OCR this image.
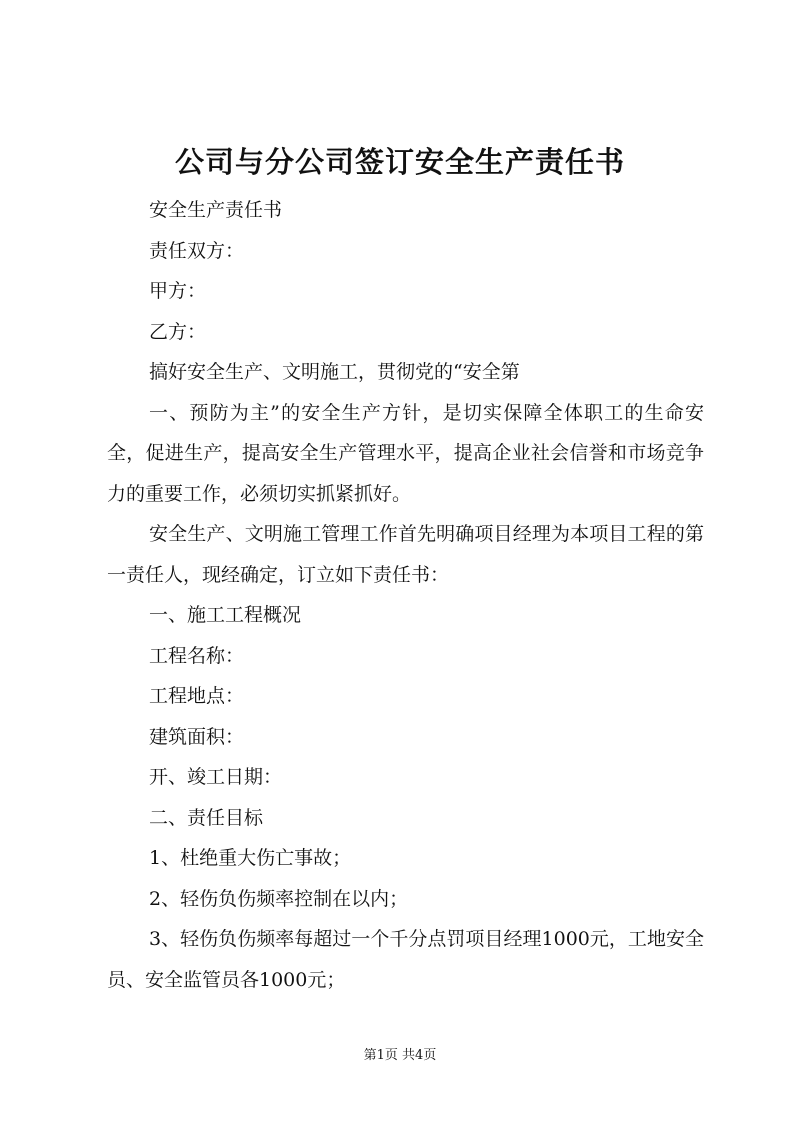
公司与分公司签订安全生产责任书

安全生产责任书

责任双方：

甲方：

乙方：

搞好安全生产、文明施工，贯彻党的“安全第

一、预防为主”的安全生产方针，是切实保障全体职工的生命安全，促进生产，提高安全生产管理水平，提高企业社会信誉和市场竞争力的重要工作，必须切实抓紧抓好。

安全生产、文明施工管理工作首先明确项目经理为本项目工程的第一责任人，现经确定，订立如下责任书：

一、施工工程概况

工程名称：

工程地点：

建筑面积：

开、竣工日期：

二、责任目标

1、杜绝重大伤亡事故；

2、轻伤负伤频率控制在以内；

3、轻伤负伤频率每超过一个千分点罚项目经理1000元，工地安全员、安全监管员各1000元；

第1页 共4页
